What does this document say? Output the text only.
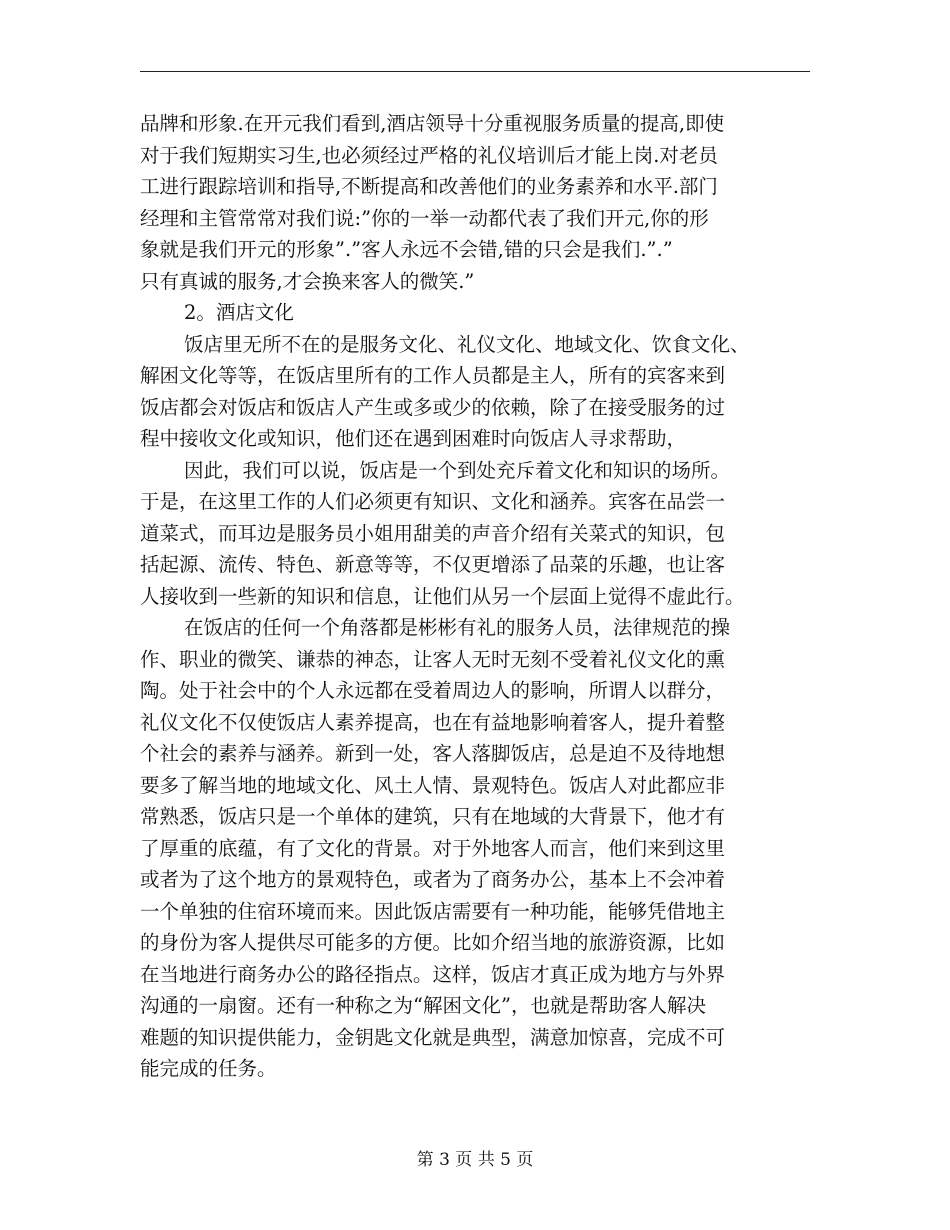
品牌和形象.在开元我们看到,酒店领导十分重视服务质量的提高,即使
对于我们短期实习生,也必须经过严格的礼仪培训后才能上岗.对老员
工进行跟踪培训和指导,不断提高和改善他们的业务素养和水平.部门
经理和主管常常对我们说:”你的一举一动都代表了我们开元,你的形
象就是我们开元的形象”.”客人永远不会错,错的只会是我们.”.”
只有真诚的服务,才会换来客人的微笑.”
2。酒店文化
饭店里无所不在的是服务文化、礼仪文化、地域文化、饮食文化、
解困文化等等，在饭店里所有的工作人员都是主人，所有的宾客来到
饭店都会对饭店和饭店人产生或多或少的依赖，除了在接受服务的过
程中接收文化或知识，他们还在遇到困难时向饭店人寻求帮助，
因此，我们可以说，饭店是一个到处充斥着文化和知识的场所。
于是，在这里工作的人们必须更有知识、文化和涵养。宾客在品尝一
道菜式，而耳边是服务员小姐用甜美的声音介绍有关菜式的知识，包
括起源、流传、特色、新意等等，不仅更增添了品菜的乐趣，也让客
人接收到一些新的知识和信息，让他们从另一个层面上觉得不虚此行。
在饭店的任何一个角落都是彬彬有礼的服务人员，法律规范的操
作、职业的微笑、谦恭的神态，让客人无时无刻不受着礼仪文化的熏
陶。处于社会中的个人永远都在受着周边人的影响，所谓人以群分，
礼仪文化不仅使饭店人素养提高，也在有益地影响着客人，提升着整
个社会的素养与涵养。新到一处，客人落脚饭店，总是迫不及待地想
要多了解当地的地域文化、风土人情、景观特色。饭店人对此都应非
常熟悉，饭店只是一个单体的建筑，只有在地域的大背景下，他才有
了厚重的底蕴，有了文化的背景。对于外地客人而言，他们来到这里
或者为了这个地方的景观特色，或者为了商务办公，基本上不会冲着
一个单独的住宿环境而来。因此饭店需要有一种功能，能够凭借地主
的身份为客人提供尽可能多的方便。比如介绍当地的旅游资源，比如
在当地进行商务办公的路径指点。这样，饭店才真正成为地方与外界
沟通的一扇窗。还有一种称之为“解困文化”，也就是帮助客人解决
难题的知识提供能力，金钥匙文化就是典型，满意加惊喜，完成不可
能完成的任务。
第 3 页 共 5 页
